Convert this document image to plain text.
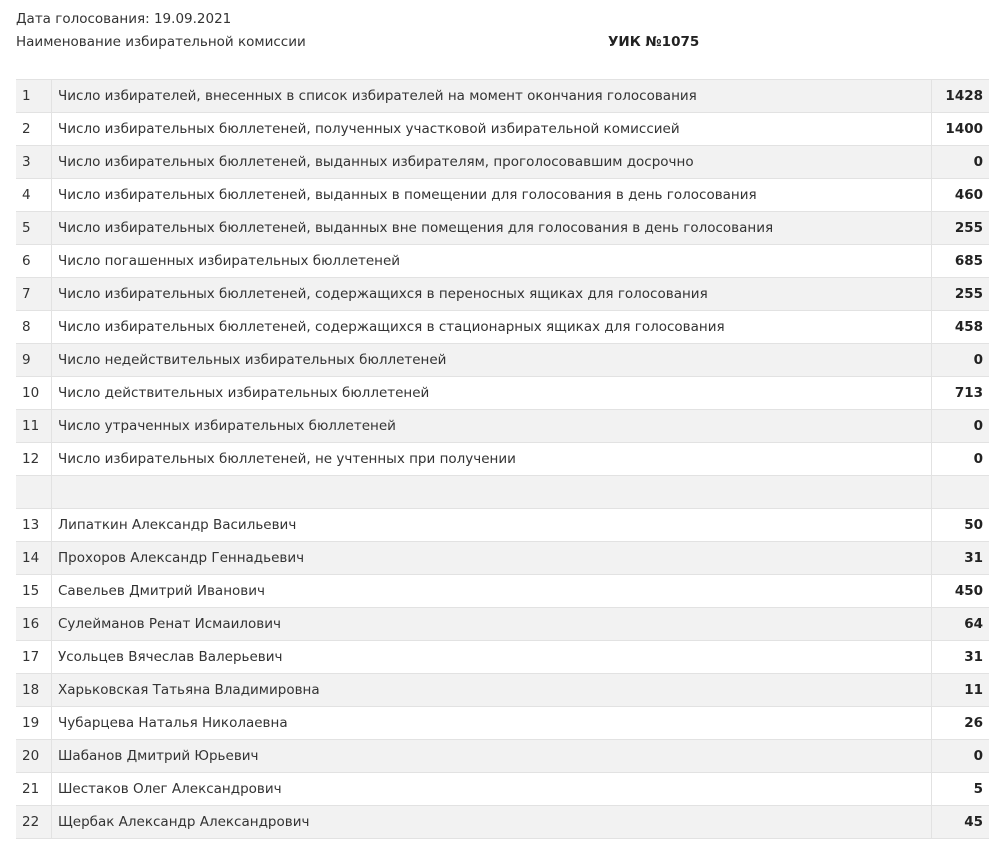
Дата голосования: 19.09.2021
Наименование избирательной комиссии	УИК №1075
1	Число избирателей, внесенных в список избирателей на момент окончания голосования	1428
2	Число избирательных бюллетеней, полученных участковой избирательной комиссией	1400
3	Число избирательных бюллетеней, выданных избирателям, проголосовавшим досрочно	0
4	Число избирательных бюллетеней, выданных в помещении для голосования в день голосования	460
5	Число избирательных бюллетеней, выданных вне помещения для голосования в день голосования	255
6	Число погашенных избирательных бюллетеней	685
7	Число избирательных бюллетеней, содержащихся в переносных ящиках для голосования	255
8	Число избирательных бюллетеней, содержащихся в стационарных ящиках для голосования	458
9	Число недействительных избирательных бюллетеней	0
10	Число действительных избирательных бюллетеней	713
11	Число утраченных избирательных бюллетеней	0
12	Число избирательных бюллетеней, не учтенных при получении	0

13	Липаткин Александр Васильевич	50
14	Прохоров Александр Геннадьевич	31
15	Савельев Дмитрий Иванович	450
16	Сулейманов Ренат Исмаилович	64
17	Усольцев Вячеслав Валерьевич	31
18	Харьковская Татьяна Владимировна	11
19	Чубарцева Наталья Николаевна	26
20	Шабанов Дмитрий Юрьевич	0
21	Шестаков Олег Александрович	5
22	Щербак Александр Александрович	45
